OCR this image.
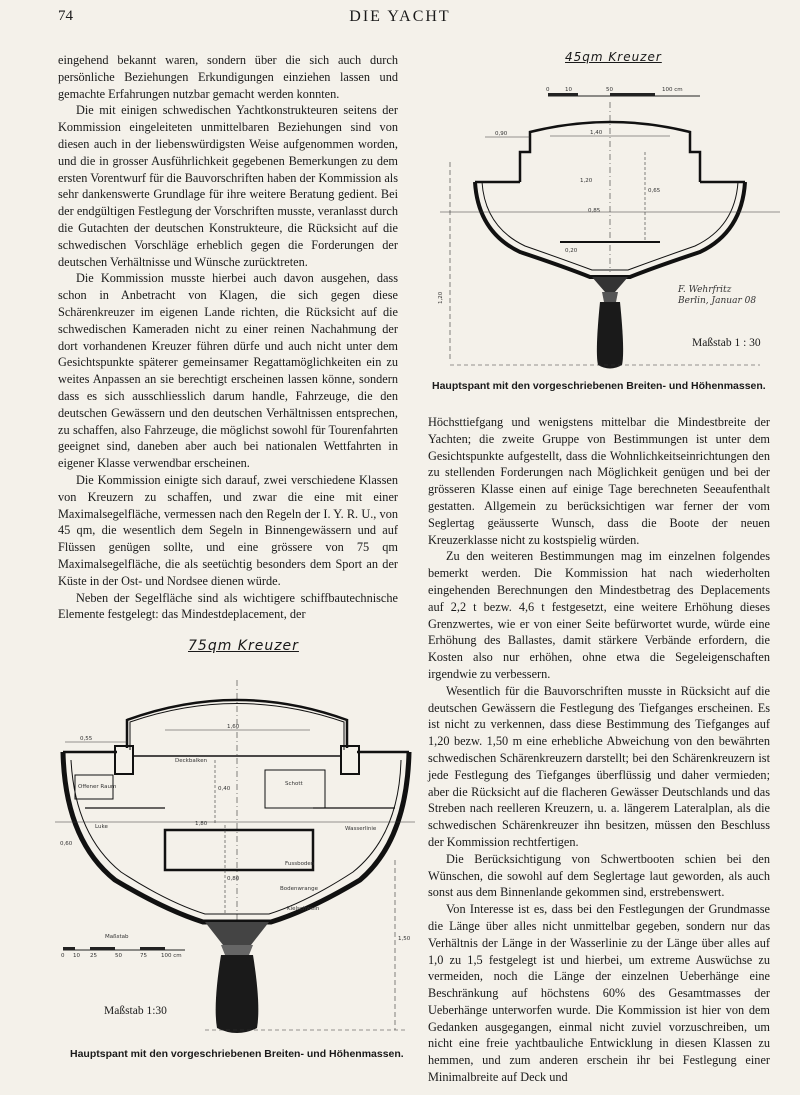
74	DIE YACHT

eingehend bekannt waren, sondern über die sich auch durch persönliche Beziehungen Erkundigungen einziehen lassen und gemachte Erfahrungen nutzbar gemacht werden konnten.

Die mit einigen schwedischen Yachtkonstrukteuren seitens der Kommission eingeleiteten unmittelbaren Beziehungen sind von diesen auch in der liebenswürdigsten Weise aufgenommen worden, und die in grosser Ausführlichkeit gegebenen Bemerkungen zu dem ersten Vorentwurf für die Bauvorschriften haben der Kommission als sehr dankenswerte Grundlage für ihre weitere Beratung gedient. Bei der endgültigen Festlegung der Vorschriften musste, veranlasst durch die Gutachten der deutschen Konstrukteure, die Rücksicht auf die schwedischen Vorschläge erheblich gegen die Forderungen der deutschen Verhältnisse und Wünsche zurücktreten.

Die Kommission musste hierbei auch davon ausgehen, dass schon in Anbetracht von Klagen, die sich gegen diese Schärenkreuzer im eigenen Lande richten, die Rücksicht auf die schwedischen Kameraden nicht zu einer reinen Nachahmung der dort vorhandenen Kreuzer führen dürfe und auch nicht unter dem Gesichtspunkte späterer gemeinsamer Regattamöglichkeiten ein zu weites Anpassen an sie berechtigt erscheinen lassen könne, sondern dass es sich ausschliesslich darum handle, Fahrzeuge, die den deutschen Gewässern und den deutschen Verhältnissen entsprechen, zu schaffen, also Fahrzeuge, die möglichst sowohl für Tourenfahrten geeignet sind, daneben aber auch bei nationalen Wettfahrten in eigener Klasse verwendbar erscheinen.

Die Kommission einigte sich darauf, zwei verschiedene Klassen von Kreuzern zu schaffen, und zwar die eine mit einer Maximalsegelfläche, vermessen nach den Regeln der I. Y. R. U., von 45 qm, die wesentlich dem Segeln in Binnengewässern und auf Flüssen genügen sollte, und eine grössere von 75 qm Maximalsegelfläche, die als seetüchtig besonders dem Sport an der Küste in der Ost- und Nordsee dienen würde.

Neben der Segelfläche sind als wichtigere schiffbautechnische Elemente festgelegt: das Mindestdeplacement, der

45qm Kreuzer
0	10	50	100 cm
0,90	1,40
0,65
1,20
0,20
0,85
1,20
F. Wehrfritz
Berlin, Januar 08
Maßstab 1 : 30
Hauptspant mit den vorgeschriebenen Breiten- und Höhenmassen.

Höchsttiefgang und wenigstens mittelbar die Mindestbreite der Yachten; die zweite Gruppe von Bestimmungen ist unter dem Gesichtspunkte aufgestellt, dass die Wohnlichkeitseinrichtungen den zu stellenden Forderungen nach Möglichkeit genügen und bei der grösseren Klasse einen auf einige Tage berechneten Seeaufenthalt gestatten. Allgemein zu berücksichtigen war ferner der vom Seglertag geäusserte Wunsch, dass die Boote der neuen Kreuzerklasse nicht zu kostspielig würden.

Zu den weiteren Bestimmungen mag im einzelnen folgendes bemerkt werden. Die Kommission hat nach wiederholten eingehenden Berechnungen den Mindestbetrag des Deplacements auf 2,2 t bezw. 4,6 t festgesetzt, eine weitere Erhöhung dieses Grenzwertes, wie er von einer Seite befürwortet wurde, würde eine Erhöhung des Ballastes, damit stärkere Verbände erfordern, die Kosten also nur erhöhen, ohne etwa die Segeleigenschaften irgendwie zu verbessern.

Wesentlich für die Bauvorschriften musste in Rücksicht auf die deutschen Gewässern die Festlegung des Tiefganges erscheinen. Es ist nicht zu verkennen, dass diese Bestimmung des Tiefganges auf 1,20 bezw. 1,50 m eine erhebliche Abweichung von den bewährten schwedischen Schärenkreuzern darstellt; bei den Schärenkreuzern ist jede Festlegung des Tiefganges überflüssig und daher vermieden; aber die Rücksicht auf die flacheren Gewässer Deutschlands und das Streben nach reelleren Kreuzern, u. a. längerem Lateralplan, als die schwedischen Schärenkreuzer ihn besitzen, müssen den Beschluss der Kommission rechtfertigen.

Die Berücksichtigung von Schwertbooten schien bei den Wünschen, die sowohl auf dem Seglertage laut geworden, als auch sonst aus dem Binnenlande gekommen sind, erstrebenswert.

Von Interesse ist es, dass bei den Festlegungen der Grundmasse die Länge über alles nicht unmittelbar gegeben, sondern nur das Verhältnis der Länge in der Wasserlinie zu der Länge über alles auf 1,0 zu 1,5 festgelegt ist und hierbei, um extreme Auswüchse zu vermeiden, noch die Länge der einzelnen Ueberhänge eine Beschränkung auf höchstens 60% des Gesamtmasses der Ueberhänge unterworfen wurde. Die Kommission ist hier von dem Gedanken ausgegangen, einmal nicht zuviel vorzuschreiben, um nicht eine freie yachtbauliche Entwicklung in diesen Klassen zu hemmen, und zum anderen erschein ihr bei Festlegung einer Minimalbreite auf Deck und

75qm Kreuzer
Deckbalken
Offener Raum	Schott
Wasserlinie
Fussboden
Luke
Bodenwrange
Kielschwein
0,55
1,60
0,40
0,80
1,80
1,50
0,60
Maßstab
0 10 25	50	75	100 cm
Maßstab 1:30
Hauptspant mit den vorgeschriebenen Breiten- und Höhenmassen.
